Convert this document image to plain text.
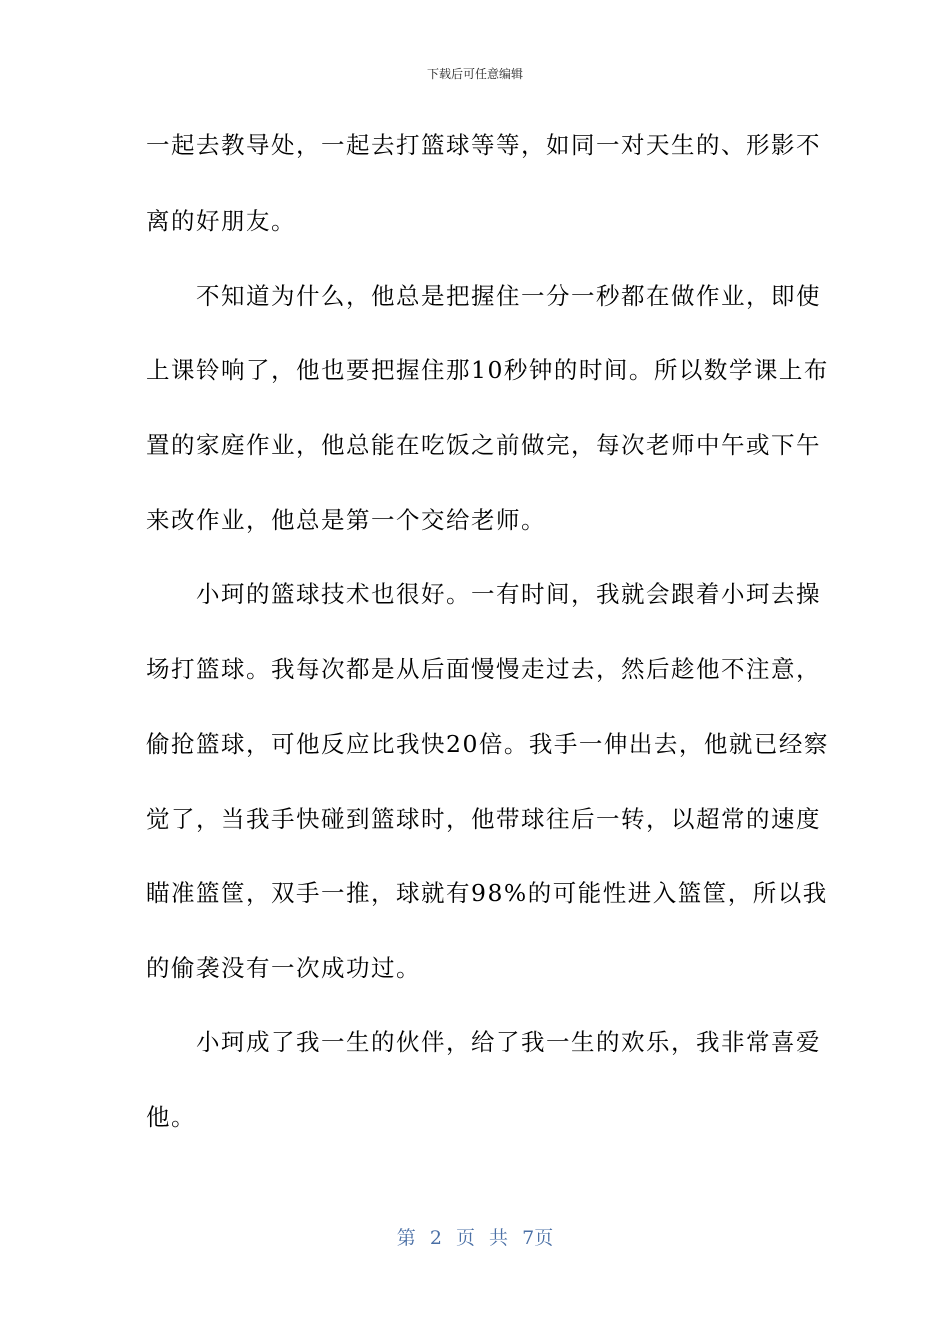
下载后可任意编辑
一起去教导处，一起去打篮球等等，如同一对天生的、形影不
离的好朋友。
　　不知道为什么，他总是把握住一分一秒都在做作业，即使
上课铃响了，他也要把握住那10秒钟的时间。所以数学课上布
置的家庭作业，他总能在吃饭之前做完，每次老师中午或下午
来改作业，他总是第一个交给老师。
　　小珂的篮球技术也很好。一有时间，我就会跟着小珂去操
场打篮球。我每次都是从后面慢慢走过去，然后趁他不注意，
偷抢篮球，可他反应比我快20倍。我手一伸出去，他就已经察
觉了，当我手快碰到篮球时，他带球往后一转，以超常的速度
瞄准篮筐，双手一推，球就有98%的可能性进入篮筐，所以我
的偷袭没有一次成功过。
　　小珂成了我一生的伙伴，给了我一生的欢乐，我非常喜爱
他。
第 2 页 共 7页
